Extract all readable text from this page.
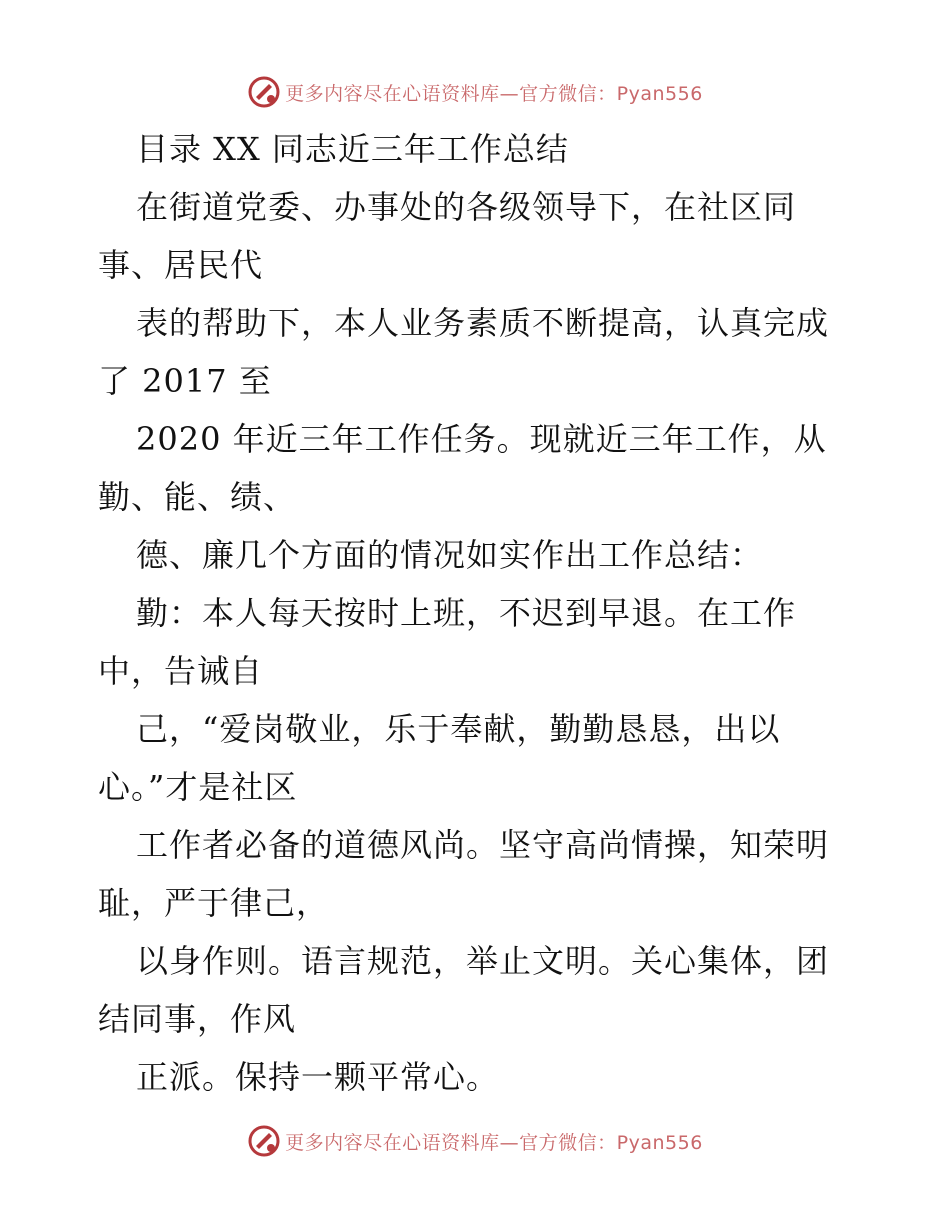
更多内容尽在心语资料库—官方微信：Pyan556
目录 XX 同志近三年工作总结
在街道党委、办事处的各级领导下，在社区同
事、居民代
表的帮助下，本人业务素质不断提高，认真完成
了 2017 至
2020 年近三年工作任务。现就近三年工作，从
勤、能、绩、
德、廉几个方面的情况如实作出工作总结：
勤：本人每天按时上班，不迟到早退。在工作
中，告诫自
己，“爱岗敬业，乐于奉献，勤勤恳恳，出以
心。”才是社区
工作者必备的道德风尚。坚守高尚情操，知荣明
耻，严于律己，
以身作则。语言规范，举止文明。关心集体，团
结同事，作风
正派。保持一颗平常心。
更多内容尽在心语资料库—官方微信：Pyan556
